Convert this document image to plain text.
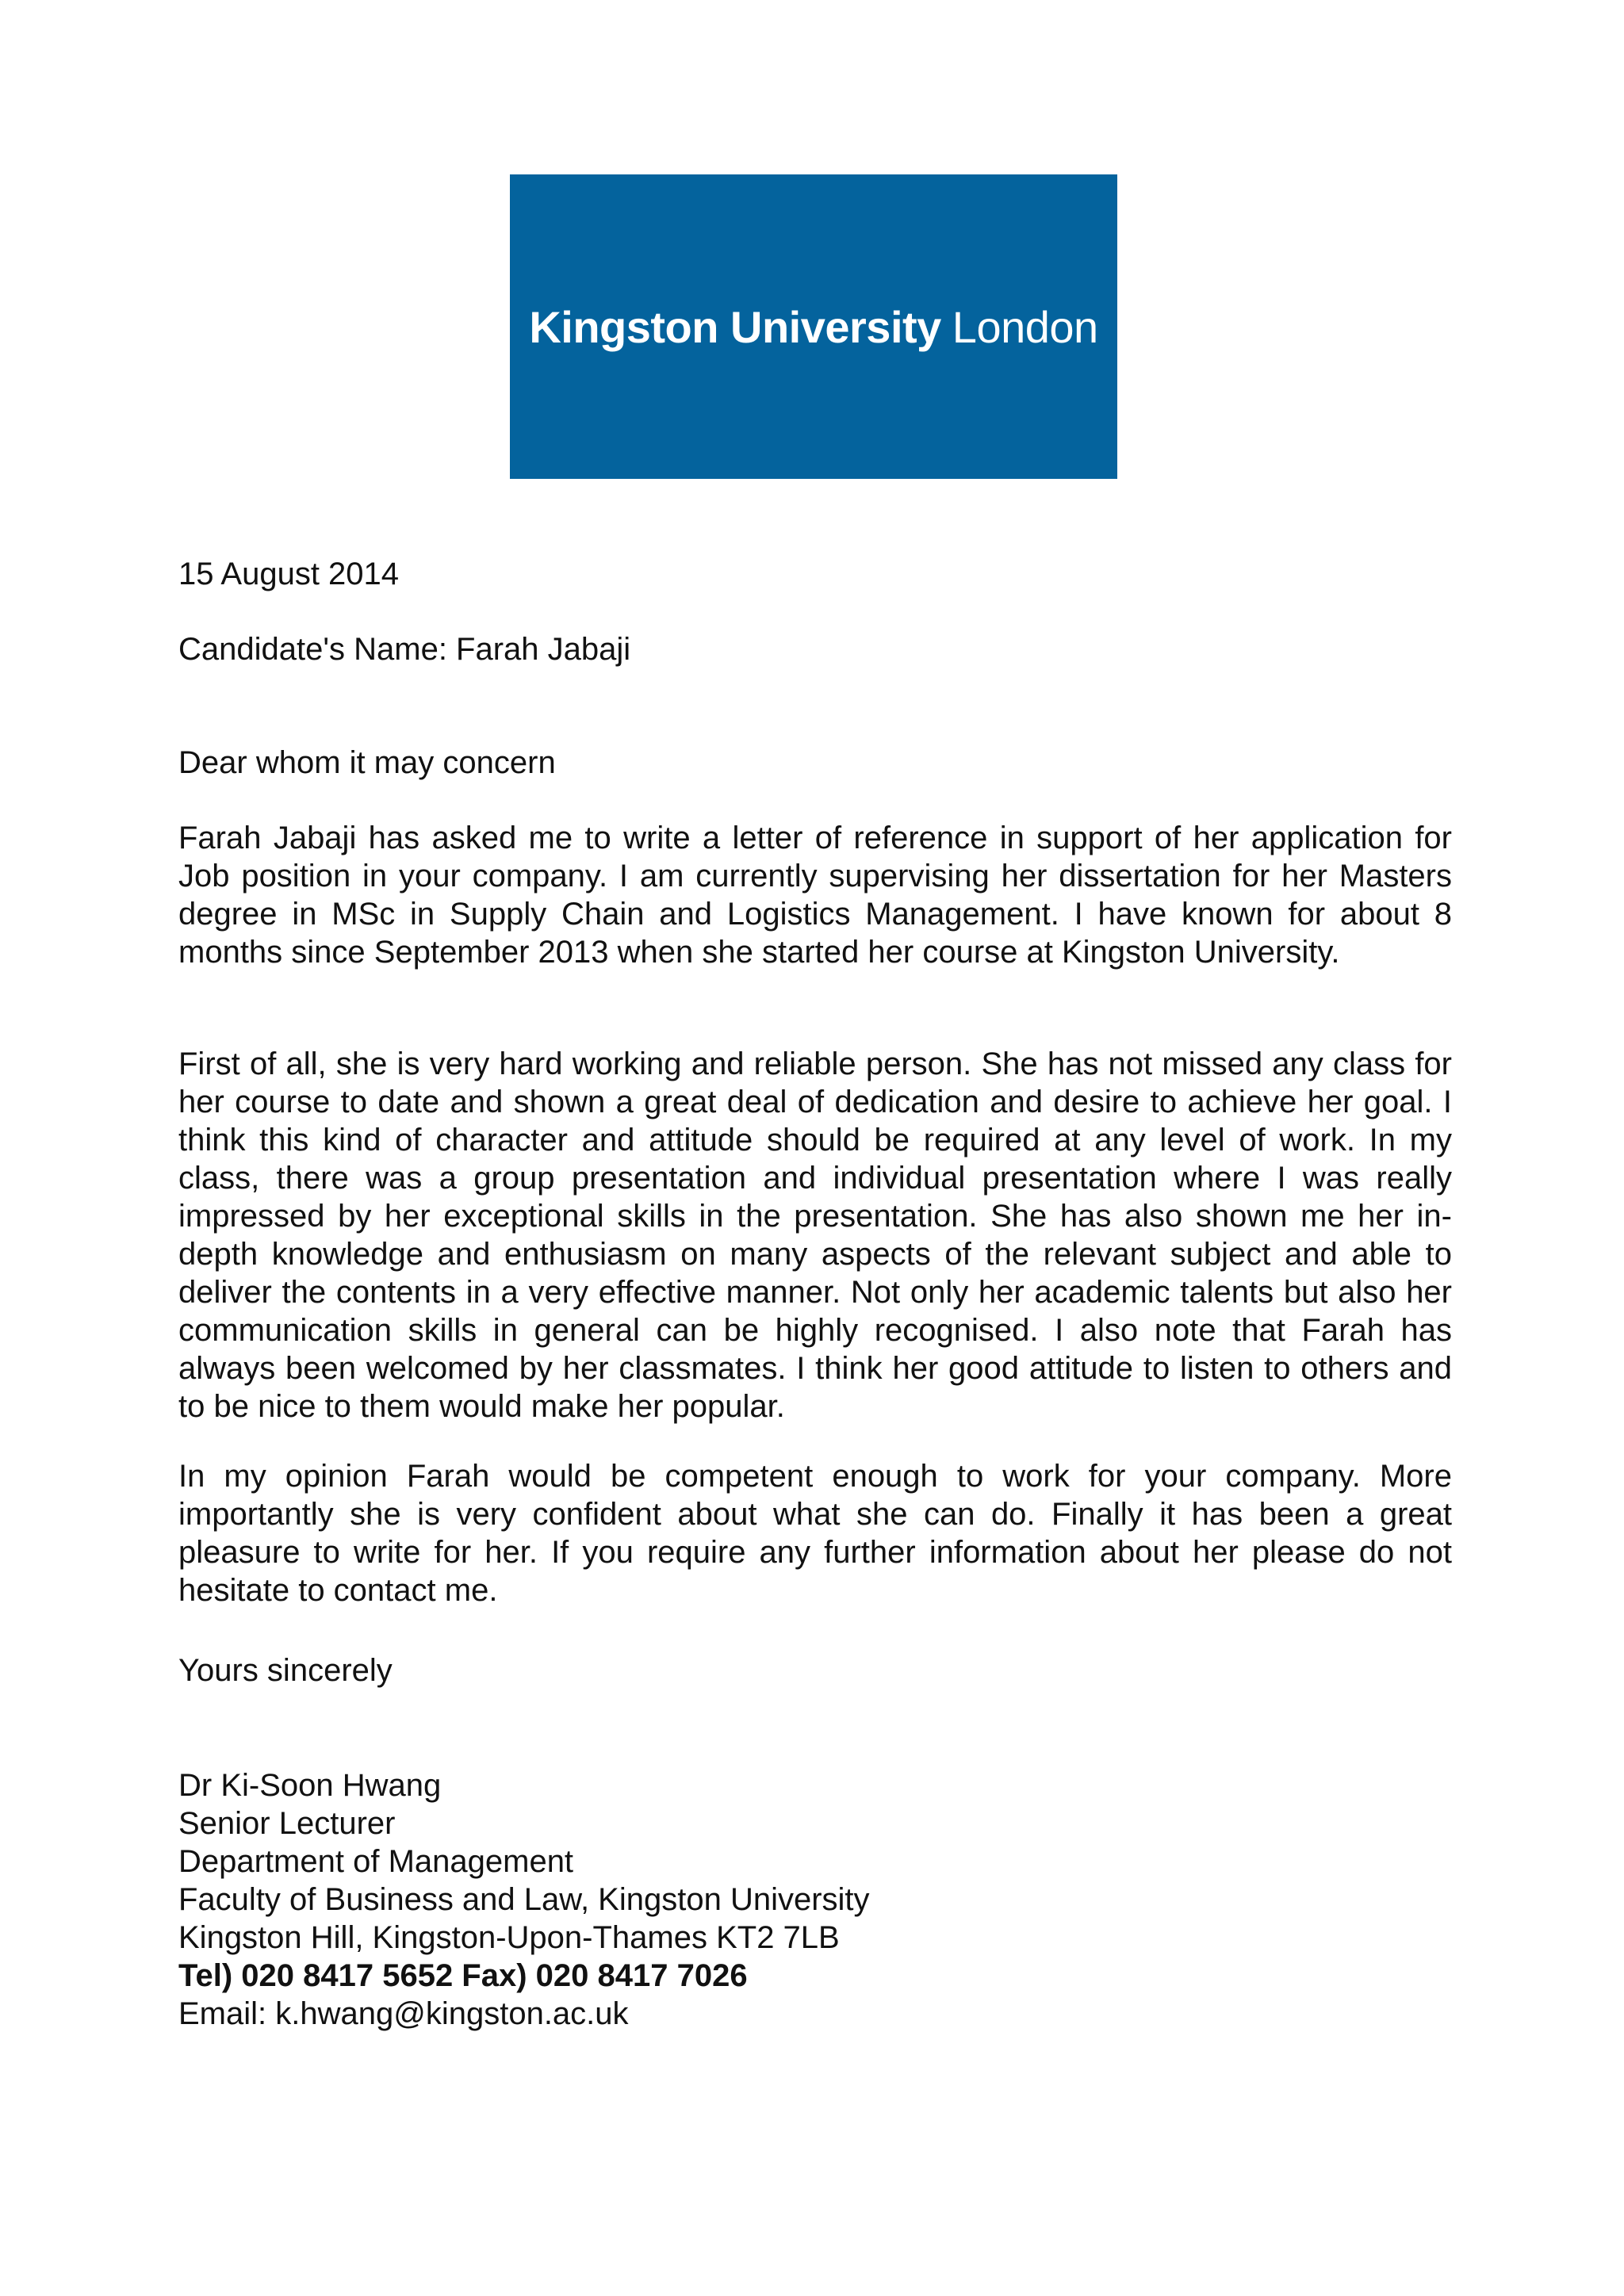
Kingston University London

15 August 2014

Candidate's Name: Farah Jabaji

Dear whom it may concern

Farah Jabaji has asked me to write a letter of reference in support of her application for Job position in your company. I am currently supervising her dissertation for her Masters degree in MSc in Supply Chain and Logistics Management. I have known for about 8 months since September 2013 when she started her course at Kingston University.

First of all, she is very hard working and reliable person. She has not missed any class for her course to date and shown a great deal of dedication and desire to achieve her goal. I think this kind of character and attitude should be required at any level of work. In my class, there was a group presentation and individual presentation where I was really impressed by her exceptional skills in the presentation. She has also shown me her in-depth knowledge and enthusiasm on many aspects of the relevant subject and able to deliver the contents in a very effective manner. Not only her academic talents but also her communication skills in general can be highly recognised. I also note that Farah has always been welcomed by her classmates. I think her good attitude to listen to others and to be nice to them would make her popular.

In my opinion Farah would be competent enough to work for your company. More importantly she is very confident about what she can do. Finally it has been a great pleasure to write for her. If you require any further information about her please do not hesitate to contact me.

Yours sincerely

Dr Ki-Soon Hwang
Senior Lecturer
Department of Management
Faculty of Business and Law, Kingston University
Kingston Hill, Kingston-Upon-Thames KT2 7LB
Tel) 020 8417 5652 Fax) 020 8417 7026
Email: k.hwang@kingston.ac.uk
